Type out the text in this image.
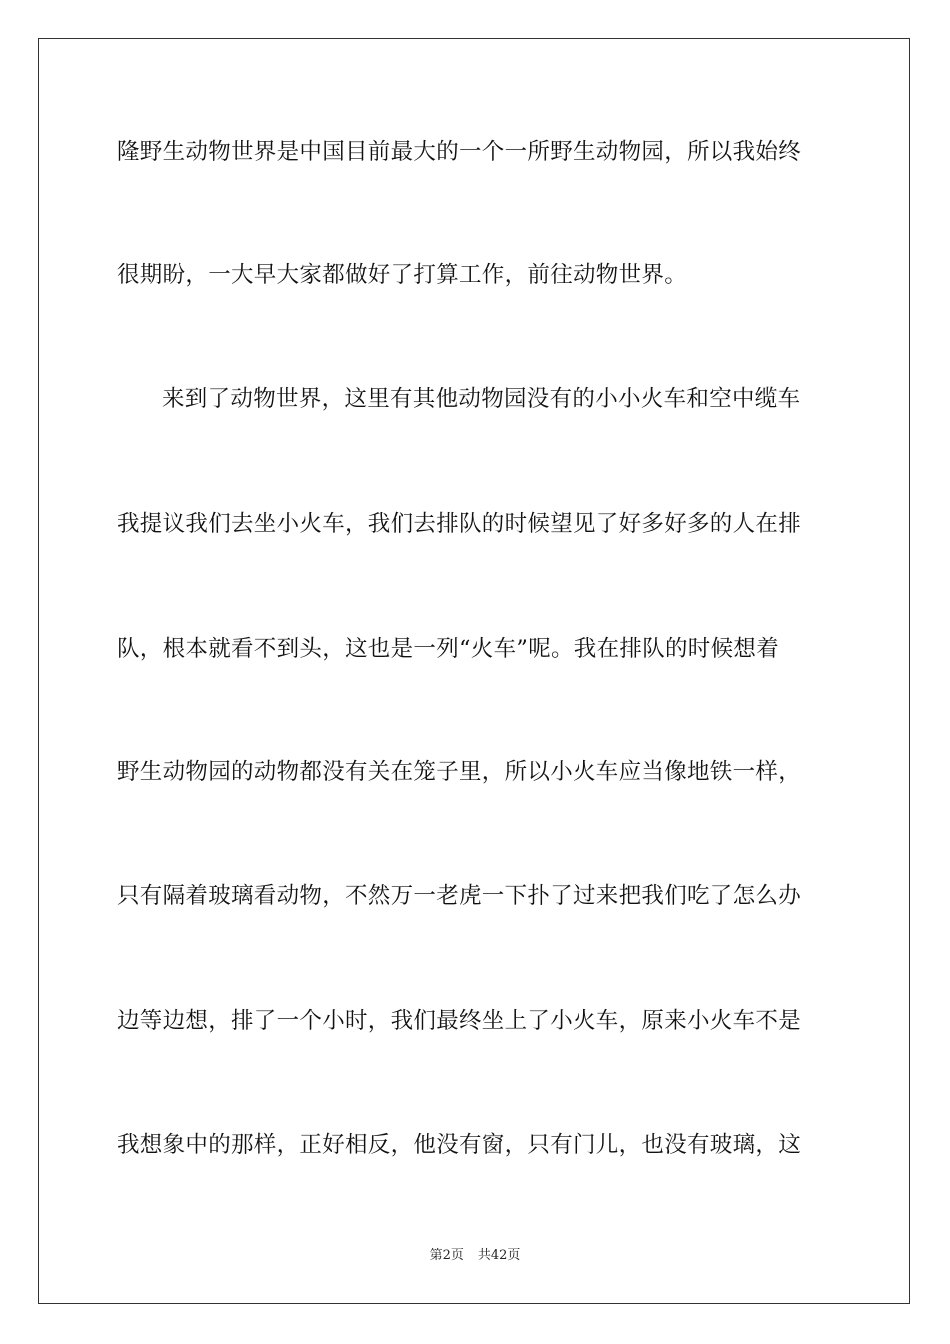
隆野生动物世界是中国目前最大的一个一所野生动物园，所以我始终
很期盼，一大早大家都做好了打算工作，前往动物世界。
来到了动物世界，这里有其他动物园没有的小小火车和空中缆车
我提议我们去坐小火车，我们去排队的时候望见了好多好多的人在排
队，根本就看不到头，这也是一列“火车”呢。我在排队的时候想着
野生动物园的动物都没有关在笼子里，所以小火车应当像地铁一样，
只有隔着玻璃看动物，不然万一老虎一下扑了过来把我们吃了怎么办
边等边想，排了一个小时，我们最终坐上了小火车，原来小火车不是
我想象中的那样，正好相反，他没有窗，只有门儿，也没有玻璃，这
第2页 共42页
